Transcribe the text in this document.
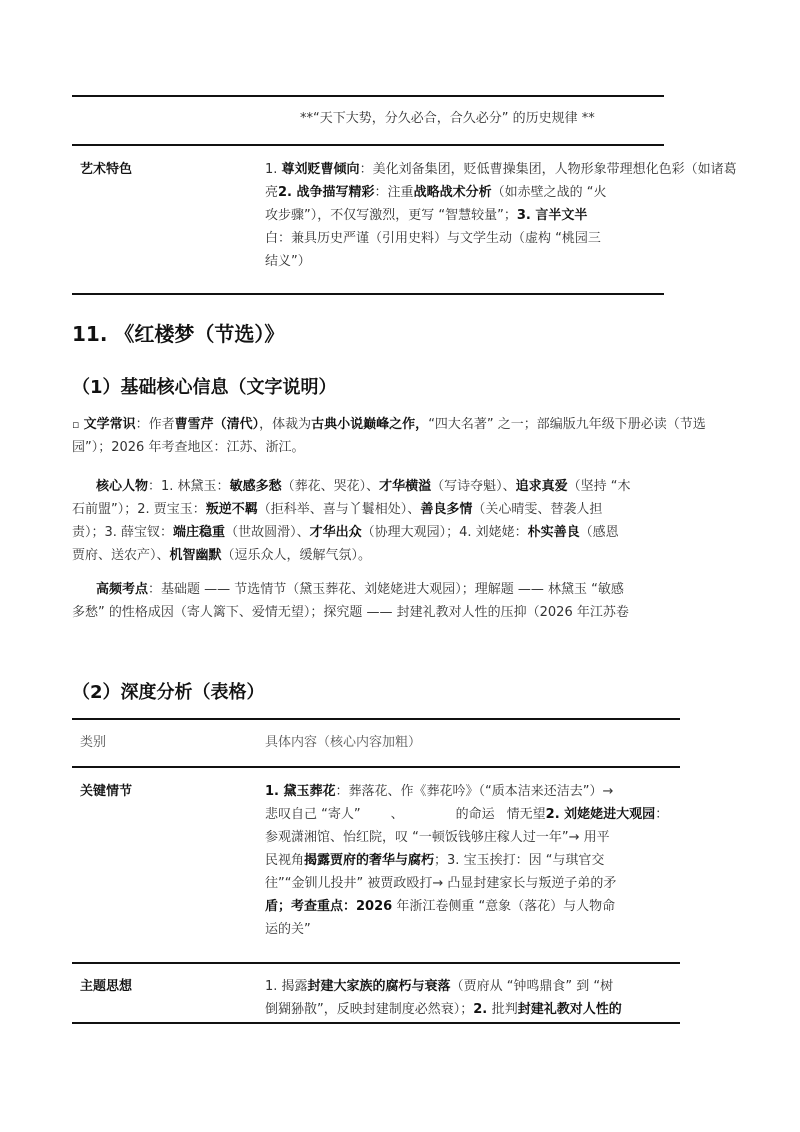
**“天下大势，分久必合，合久必分” 的历史规律 **
艺术特色	1. 尊刘贬曹倾向：美化刘备集团，贬低曹操集团，人物形象带理想化色彩（如诸葛
亮2. 战争描写精彩：注重战略战术分析（如赤壁之战的 “火
攻步骤”），不仅写激烈，更写 “智慧较量”；3. 言半文半
白：兼具历史严谨（引用史料）与文学生动（虚构 “桃园三
结义”）
11. 《红楼梦（节选）》
（1）基础核心信息（文字说明）
▫ 文学常识：作者曹雪芹（清代），体裁为古典小说巅峰之作，“四大名著” 之一；部编版九年级下册必读（节选
园”）；2026 年考查地区：江苏、浙江。
核心人物：1. 林黛玉：敏感多愁（葬花、哭花）、才华横溢（写诗夺魁）、追求真爱（坚持 “木
石前盟”）；2. 贾宝玉：叛逆不羁（拒科举、喜与丫鬟相处）、善良多情（关心晴雯、替袭人担
责）；3. 薛宝钗：端庄稳重（世故圆滑）、才华出众（协理大观园）；4. 刘姥姥：朴实善良（感恩
贾府、送农产）、机智幽默（逗乐众人，缓解气氛）。
高频考点：基础题 —— 节选情节（黛玉葬花、刘姥姥进大观园）；理解题 —— 林黛玉 “敏感
多愁” 的性格成因（寄人篱下、爱情无望）；探究题 —— 封建礼教对人性的压抑（2026 年江苏卷
（2）深度分析（表格）
类别	具体内容（核心内容加粗）
关键情节	1. 黛玉葬花：葬落花、作《葬花吟》（“质本洁来还洁去”）→
悲叹自己 “寄人” 、	的命运 情无望2. 刘姥姥进大观园：
参观潇湘馆、怡红院，叹 “一顿饭钱够庄稼人过一年”→ 用平
民视角揭露贾府的奢华与腐朽；3. 宝玉挨打：因 “与琪官交
往”“金钏儿投井” 被贾政殴打→ 凸显封建家长与叛逆子弟的矛
盾；考查重点：2026 年浙江卷侧重 “意象（落花）与人物命
运的关”
主题思想	1. 揭露封建大家族的腐朽与衰落（贾府从 “钟鸣鼎食” 到 “树
倒猢狲散”，反映封建制度必然衰）；2. 批判封建礼教对人性的
